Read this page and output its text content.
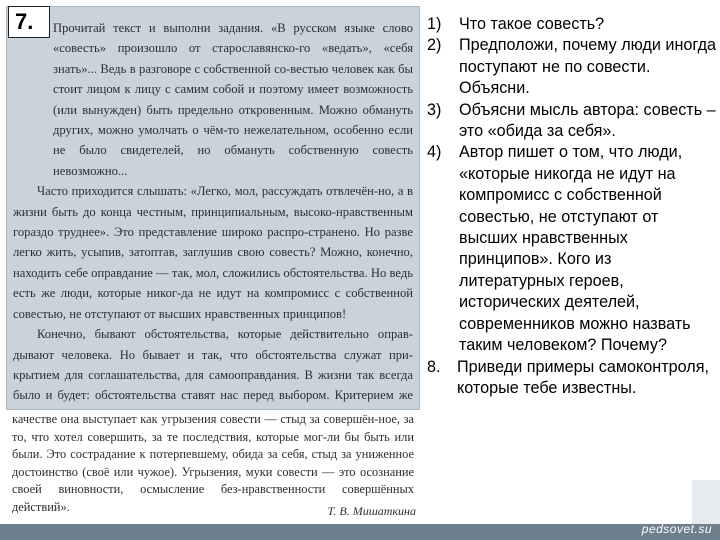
Прочитай текст и выполни задания. «В русском языке слово «совесть» произошло от старославянско-го «ведать», «себя знать»... Ведь в разговоре с собственной со-вестью человек как бы стоит лицом к лицу с самим собой и поэтому имеет возможность (или вынужден) быть предельно откровенным. Можно обмануть других, можно умолчать о чём-то нежелательном, особенно если не было свидетелей, но обмануть собственную совесть невозможно...

Часто приходится слышать: «Легко, мол, рассуждать отвлечён-но, а в жизни быть до конца честным, принципиальным, высоко-нравственным гораздо труднее». Это представление широко распро-странено. Но разве легко жить, усыпив, затоптав, заглушив свою совесть? Можно, конечно, находить себе оправдание — так, мол, сложились обстоятельства. Но ведь есть же люди, которые никог-да не идут на компромисс с собственной совестью, не отступают от высших нравственных принципов!

Конечно, бывают обстоятельства, которые действительно оправ-дывают человека. Но бывает и так, что обстоятельства служат при-крытием для соглашательства, для самооправдания. В жизни так всегда было и будет: обстоятельства ставят нас перед выбором. Критерием же

качестве она выступает как угрызения совести — стыд за совершён-ное, за то, что хотел совершить, за те последствия, которые мог-ли бы быть или были. Это сострадание к потерпевшему, обида за себя, стыд за униженное достоинство (своё или чужое). Угрызения, муки совести — это осознание своей виновности, осмысление без-нравственности совершённых действий».	Т. В. Мишаткина
7.	1)	Что такое совесть?
2)	Предположи, почему люди иногда поступают не по совести. Объясни.
3)	Объясни мысль автора: совесть – это «обида за себя».
4)	Автор пишет о том, что люди, «которые никогда не идут на компромисс с собственной совестью, не отступают от высших нравственных принципов». Кого из литературных героев, исторических деятелей, современников можно назвать таким человеком? Почему?
8.	Приведи примеры самоконтроля, которые тебе известны.
pedsovet.su
